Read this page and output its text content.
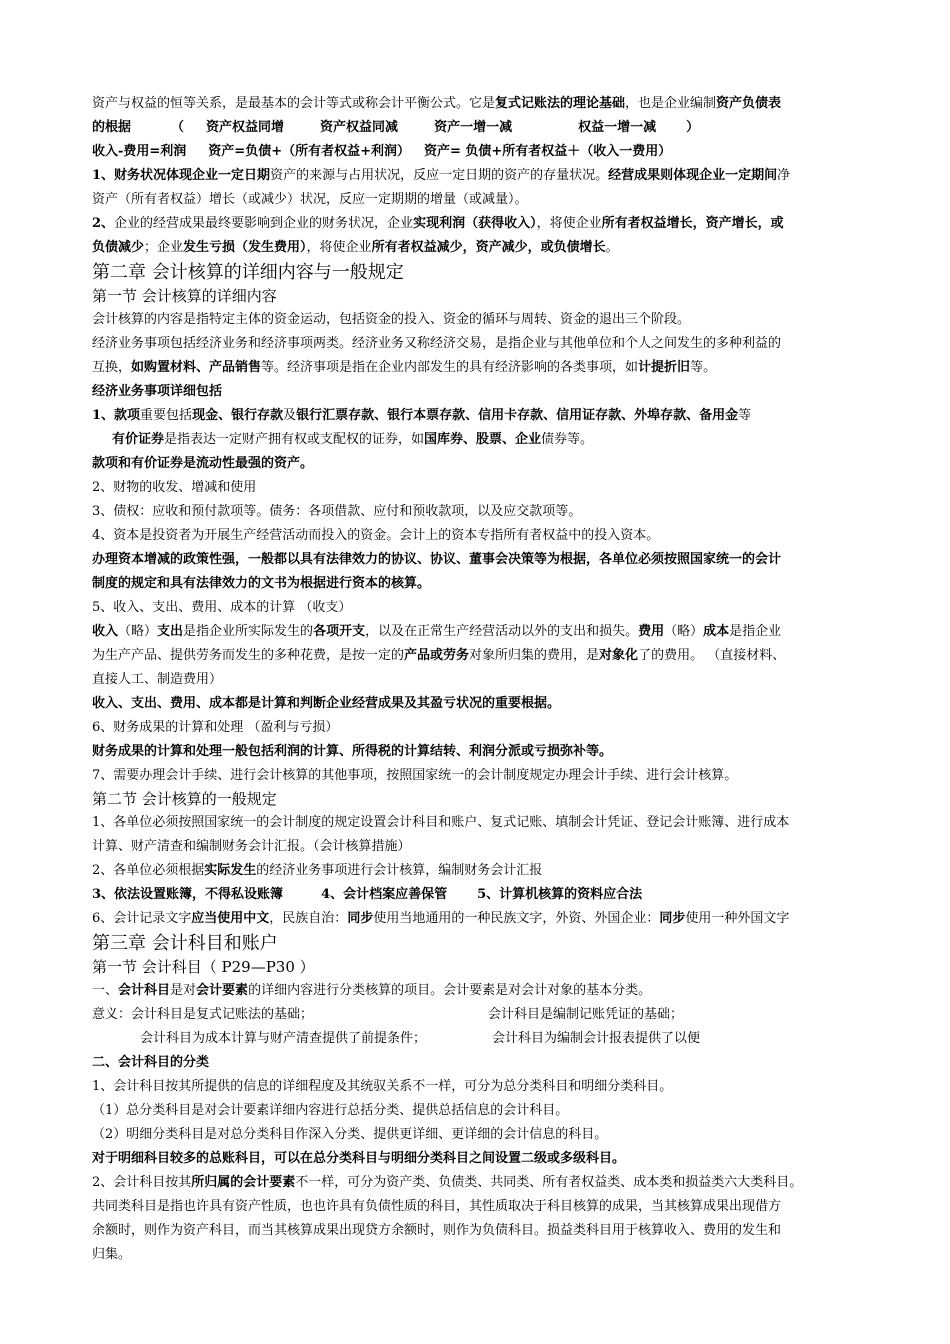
资产与权益的恒等关系，是最基本的会计等式或称会计平衡公式。它是复式记账法的理论基础，也是企业编制资产负债表

的根据	（ 资产权益同增	资产权益同减	资产一增一减	权益一增一减 ）

收入-费用=利润 资产=负债+（所有者权益+利润） 资产= 负债+所有者权益＋（收入一费用）

1、财务状况体现企业一定日期资产的来源与占用状况，反应一定日期的资产的存量状况。经营成果则体现企业一定期间净

资产（所有者权益）增长（或减少）状况，反应一定期期的增量（或减量）。

2、企业的经营成果最终要影响到企业的财务状况，企业实现利润（获得收入），将使企业所有者权益增长，资产增长，或

负债减少；企业发生亏损（发生费用），将使企业所有者权益减少，资产减少，或负债增长。

第二章 会计核算的详细内容与一般规定

第一节 会计核算的详细内容

会计核算的内容是指特定主体的资金运动，包括资金的投入、资金的循环与周转、资金的退出三个阶段。

经济业务事项包括经济业务和经济事项两类。经济业务又称经济交易，是指企业与其他单位和个人之间发生的多种利益的

互换，如购置材料、产品销售等。经济事项是指在企业内部发生的具有经济影响的各类事项，如计提折旧等。

经济业务事项详细包括

1、款项重要包括现金、银行存款及银行汇票存款、银行本票存款、信用卡存款、信用证存款、外埠存款、备用金等

有价证券是指表达一定财产拥有权或支配权的证券，如国库券、股票、企业债券等。

款项和有价证券是流动性最强的资产。

2、财物的收发、增减和使用

3、债权：应收和预付款项等。债务：各项借款、应付和预收款项，以及应交款项等。

4、资本是投资者为开展生产经营活动而投入的资金。会计上的资本专指所有者权益中的投入资本。

办理资本增减的政策性强，一般都以具有法律效力的协议、协议、董事会决策等为根据，各单位必须按照国家统一的会计

制度的规定和具有法律效力的文书为根据进行资本的核算。

5、收入、支出、费用、成本的计算 （收支）

收入（略）支出是指企业所实际发生的各项开支，以及在正常生产经营活动以外的支出和损失。费用（略）成本是指企业

为生产产品、提供劳务而发生的多种花费，是按一定的产品或劳务对象所归集的费用，是对象化了的费用。 （直接材料、

直接人工、制造费用）

收入、支出、费用、成本都是计算和判断企业经营成果及其盈亏状况的重要根据。

6、财务成果的计算和处理 （盈利与亏损）

财务成果的计算和处理一般包括利润的计算、所得税的计算结转、利润分派或亏损弥补等。

7、需要办理会计手续、进行会计核算的其他事项，按照国家统一的会计制度规定办理会计手续、进行会计核算。

第二节 会计核算的一般规定

1、各单位必须按照国家统一的会计制度的规定设置会计科目和账户、复式记账、填制会计凭证、登记会计账簿、进行成本

计算、财产清查和编制财务会计汇报。（会计核算措施）

2、各单位必须根据实际发生的经济业务事项进行会计核算，编制财务会计汇报

3、依法设置账簿，不得私设账簿	4、会计档案应善保管 5、计算机核算的资料应合法

6、会计记录文字应当使用中文，民族自治：同步使用当地通用的一种民族文字，外资、外国企业：同步使用一种外国文字

第三章 会计科目和账户

第一节 会计科目（ P29—P30 ）

一、会计科目是对会计要素的详细内容进行分类核算的项目。会计要素是对会计对象的基本分类。

意义：会计科目是复式记账法的基础；	会计科目是编制记账凭证的基础；

会计科目为成本计算与财产清查提供了前提条件；	会计科目为编制会计报表提供了以便

二、会计科目的分类

1、会计科目按其所提供的信息的详细程度及其统驭关系不一样，可分为总分类科目和明细分类科目。

（1）总分类科目是对会计要素详细内容进行总括分类、提供总括信息的会计科目。

（2）明细分类科目是对总分类科目作深入分类、提供更详细、更详细的会计信息的科目。

对于明细科目较多的总账科目，可以在总分类科目与明细分类科目之间设置二级或多级科目。

2、会计科目按其所归属的会计要素不一样，可分为资产类、负债类、共同类、所有者权益类、成本类和损益类六大类科目。

共同类科目是指也许具有资产性质，也也许具有负债性质的科目，其性质取决于科目核算的成果，当其核算成果出现借方

余额时，则作为资产科目，而当其核算成果出现贷方余额时，则作为负债科目。损益类科目用于核算收入、费用的发生和

归集。
